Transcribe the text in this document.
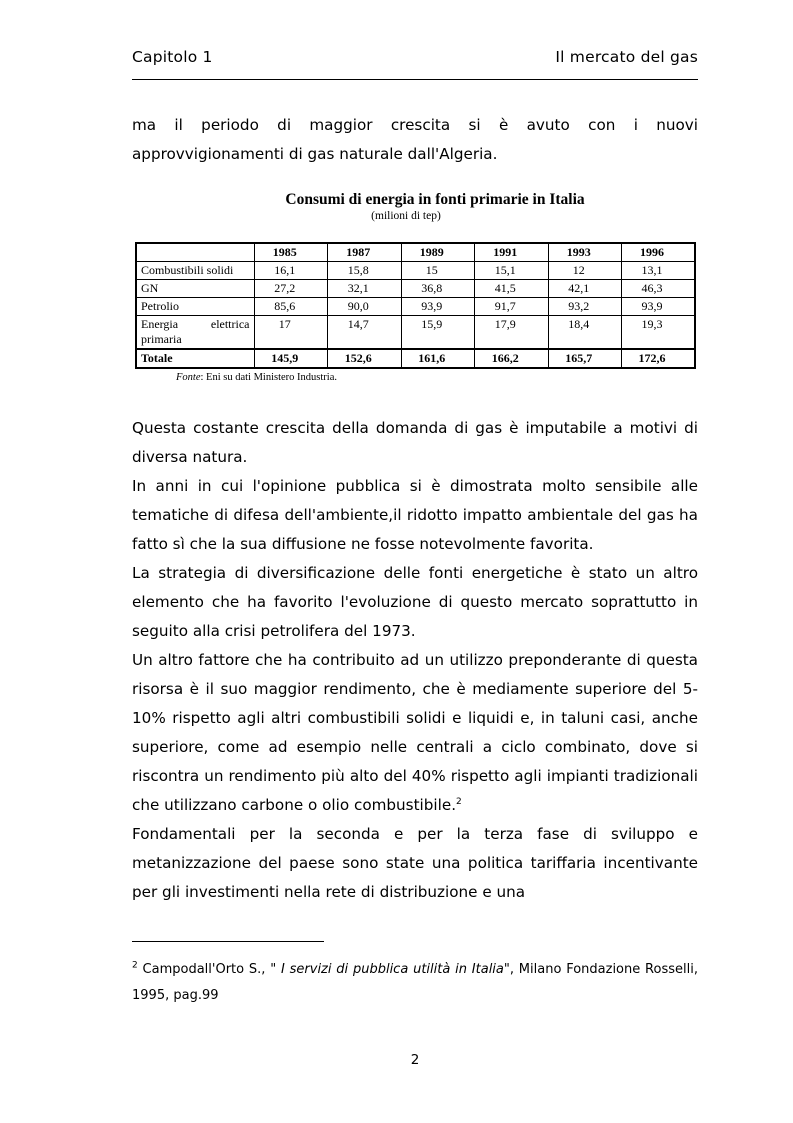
Capitolo 1	Il mercato del gas

ma il periodo di maggior crescita si è avuto con i nuovi approvvigionamenti di gas naturale dall'Algeria.

Consumi di energia in fonti primarie in Italia
(milioni di tep)
	1985	1987	1989	1991	1993	1996
Combustibili solidi	16,1	15,8	15	15,1	12	13,1
GN	27,2	32,1	36,8	41,5	42,1	46,3
Petrolio	85,6	90,0	93,9	91,7	93,2	93,9

Energia elettrica
primaria	17	14,7	15,9	17,9	18,4	19,3
Totale	145,9	152,6	161,6	166,2	165,7	172,6
Fonte: Eni su dati Ministero Industria.

Questa costante crescita della domanda di gas è imputabile a motivi di diversa natura.

In anni in cui l'opinione pubblica si è dimostrata molto sensibile alle tematiche di difesa dell'ambiente,il ridotto impatto ambientale del gas ha fatto sì che la sua diffusione ne fosse notevolmente favorita.

La strategia di diversificazione delle fonti energetiche è stato un altro elemento che ha favorito l'evoluzione di questo mercato soprattutto in seguito alla crisi petrolifera del 1973.

Un altro fattore che ha contribuito ad un utilizzo preponderante di questa risorsa è il suo maggior rendimento, che è mediamente superiore del 5-10% rispetto agli altri combustibili solidi e liquidi e, in taluni casi, anche superiore, come ad esempio nelle centrali a ciclo combinato, dove si riscontra un rendimento più alto del 40% rispetto agli impianti tradizionali che utilizzano carbone o olio combustibile.$^2$

Fondamentali per la seconda e per la terza fase di sviluppo e metanizzazione del paese sono state una politica tariffaria incentivante per gli investimenti nella rete di distribuzione e una

$^2$ Campodall'Orto S., " I servizi di pubblica utilità in Italia", Milano Fondazione Rosselli, 1995, pag.99

2
